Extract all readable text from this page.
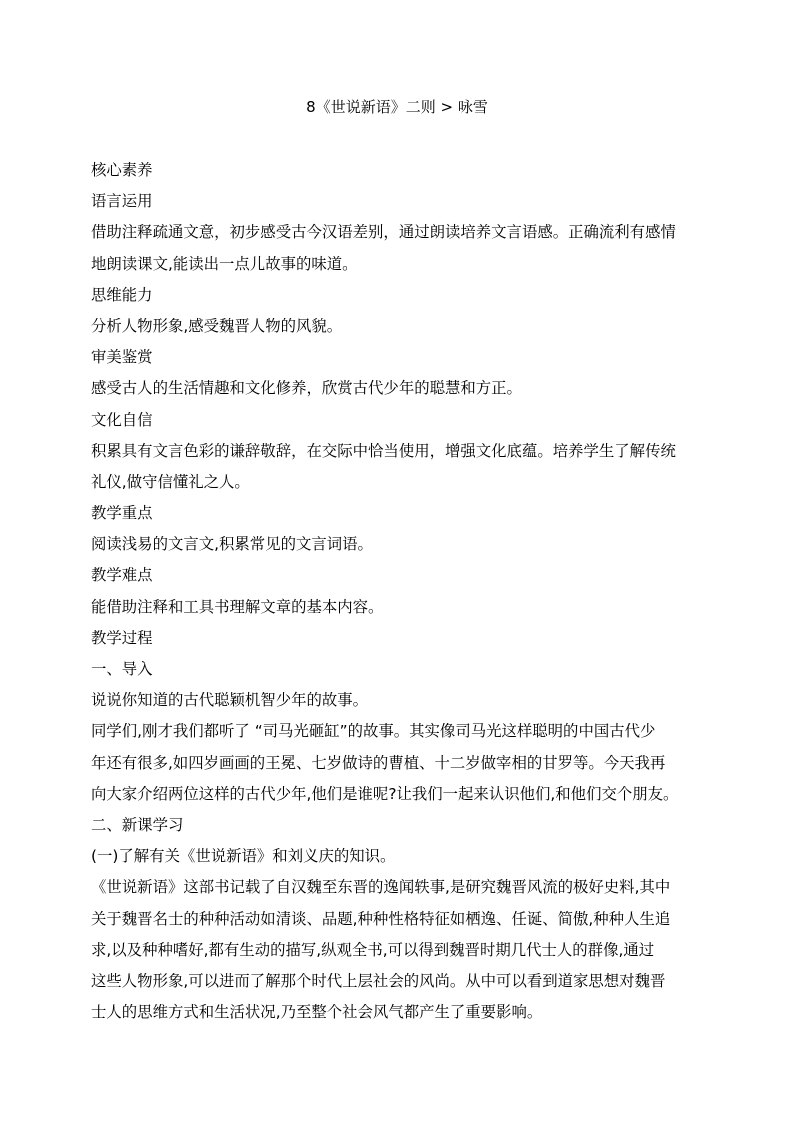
8《世说新语》二则 > 咏雪
核心素养
语言运用
借助注释疏通文意，初步感受古今汉语差别，通过朗读培养文言语感。正确流利有感情
地朗读课文,能读出一点儿故事的味道。
思维能力
分析人物形象,感受魏晋人物的风貌。
审美鉴赏
感受古人的生活情趣和文化修养，欣赏古代少年的聪慧和方正。
文化自信
积累具有文言色彩的谦辞敬辞，在交际中恰当使用，增强文化底蕴。培养学生了解传统
礼仪,做守信懂礼之人。
教学重点
阅读浅易的文言文,积累常见的文言词语。
教学难点
能借助注释和工具书理解文章的基本内容。
教学过程
一、导入
说说你知道的古代聪颖机智少年的故事。
同学们,刚才我们都听了 “司马光砸缸”的故事。其实像司马光这样聪明的中国古代少
年还有很多,如四岁画画的王冕、七岁做诗的曹植、十二岁做宰相的甘罗等。今天我再
向大家介绍两位这样的古代少年,他们是谁呢?让我们一起来认识他们,和他们交个朋友。
二、新课学习
(一)了解有关《世说新语》和刘义庆的知识。
《世说新语》这部书记载了自汉魏至东晋的逸闻轶事,是研究魏晋风流的极好史料,其中
关于魏晋名士的种种活动如清谈、品题,种种性格特征如栖逸、任诞、简傲,种种人生追
求,以及种种嗜好,都有生动的描写,纵观全书,可以得到魏晋时期几代士人的群像,通过
这些人物形象,可以进而了解那个时代上层社会的风尚。从中可以看到道家思想对魏晋
士人的思维方式和生活状况,乃至整个社会风气都产生了重要影响。
